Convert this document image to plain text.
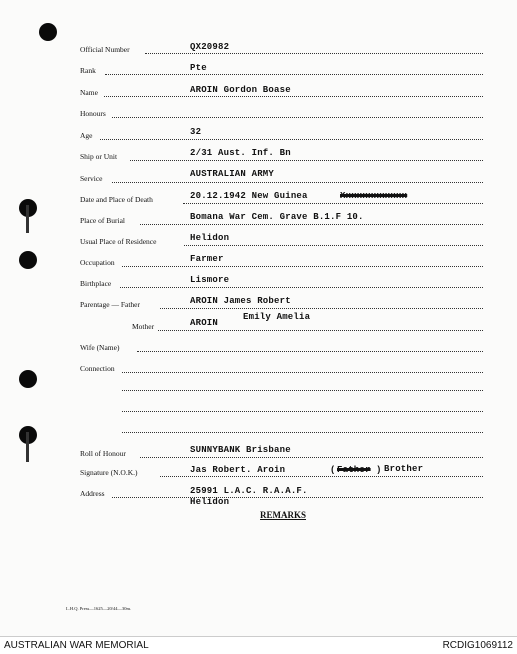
Official Number	QX20982
Rank	Pte
Name	AROIN Gordon Boase
Honours
Age	32
Ship or Unit	2/31 Aust. Inf. Bn
Service	AUSTRALIAN ARMY
Date and Place of Death	20.12.1942 New Guinea	Xxxxxxxxxxxx
Place of Burial	Bomana War Cem. Grave B.1.F 10.
Usual Place of Residence	Helidon
Occupation	Farmer
Birthplace	Lismore
Parentage — Father	AROIN James Robert
Mother	AROIN
Emily Amelia
Wife (Name)
Connection
Roll of Honour	SUNNYBANK Brisbane
Signature (N.O.K.)	Jas Robert. Aroin	( Father ) Brother
Address	25991 L.A.C. R.A.A.F.
Helidon
REMARKS
L.H.Q. Press—1625—20/44—30m.
AUSTRALIAN WAR MEMORIAL	RCDIG1069112
